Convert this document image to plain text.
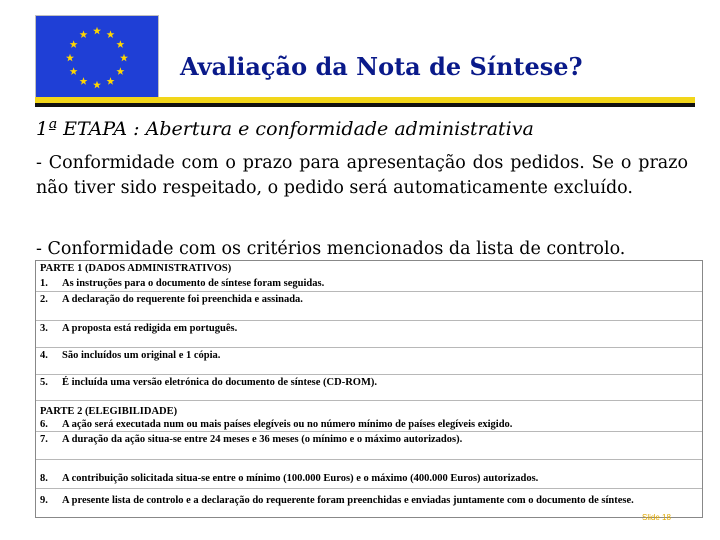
Avaliação da Nota de Síntese?
1ª ETAPA : Abertura e conformidade administrativa
- Conformidade com o prazo para apresentação dos pedidos. Se o prazo não tiver sido respeitado, o pedido será automaticamente excluído.
- Conformidade com os critérios mencionados da lista de controlo.
PARTE 1 (DADOS ADMINISTRATIVOS)
1. As instruções para o documento de síntese foram seguidas.
2. A declaração do requerente foi preenchida e assinada.
3. A proposta está redigida em português.
4. São incluídos um original e 1 cópia.
5. É incluída uma versão eletrónica do documento de síntese (CD-ROM).
PARTE 2 (ELEGIBILIDADE)
6. A ação será executada num ou mais países elegíveis ou no número mínimo de países elegíveis exigido.
7. A duração da ação situa-se entre 24 meses e 36 meses (o mínimo e o máximo autorizados).
8. A contribuição solicitada situa-se entre o mínimo (100.000 Euros) e o máximo (400.000 Euros) autorizados.
9. A presente lista de controlo e a declaração do requerente foram preenchidas e enviadas juntamente com o documento de síntese.
Slide 18
